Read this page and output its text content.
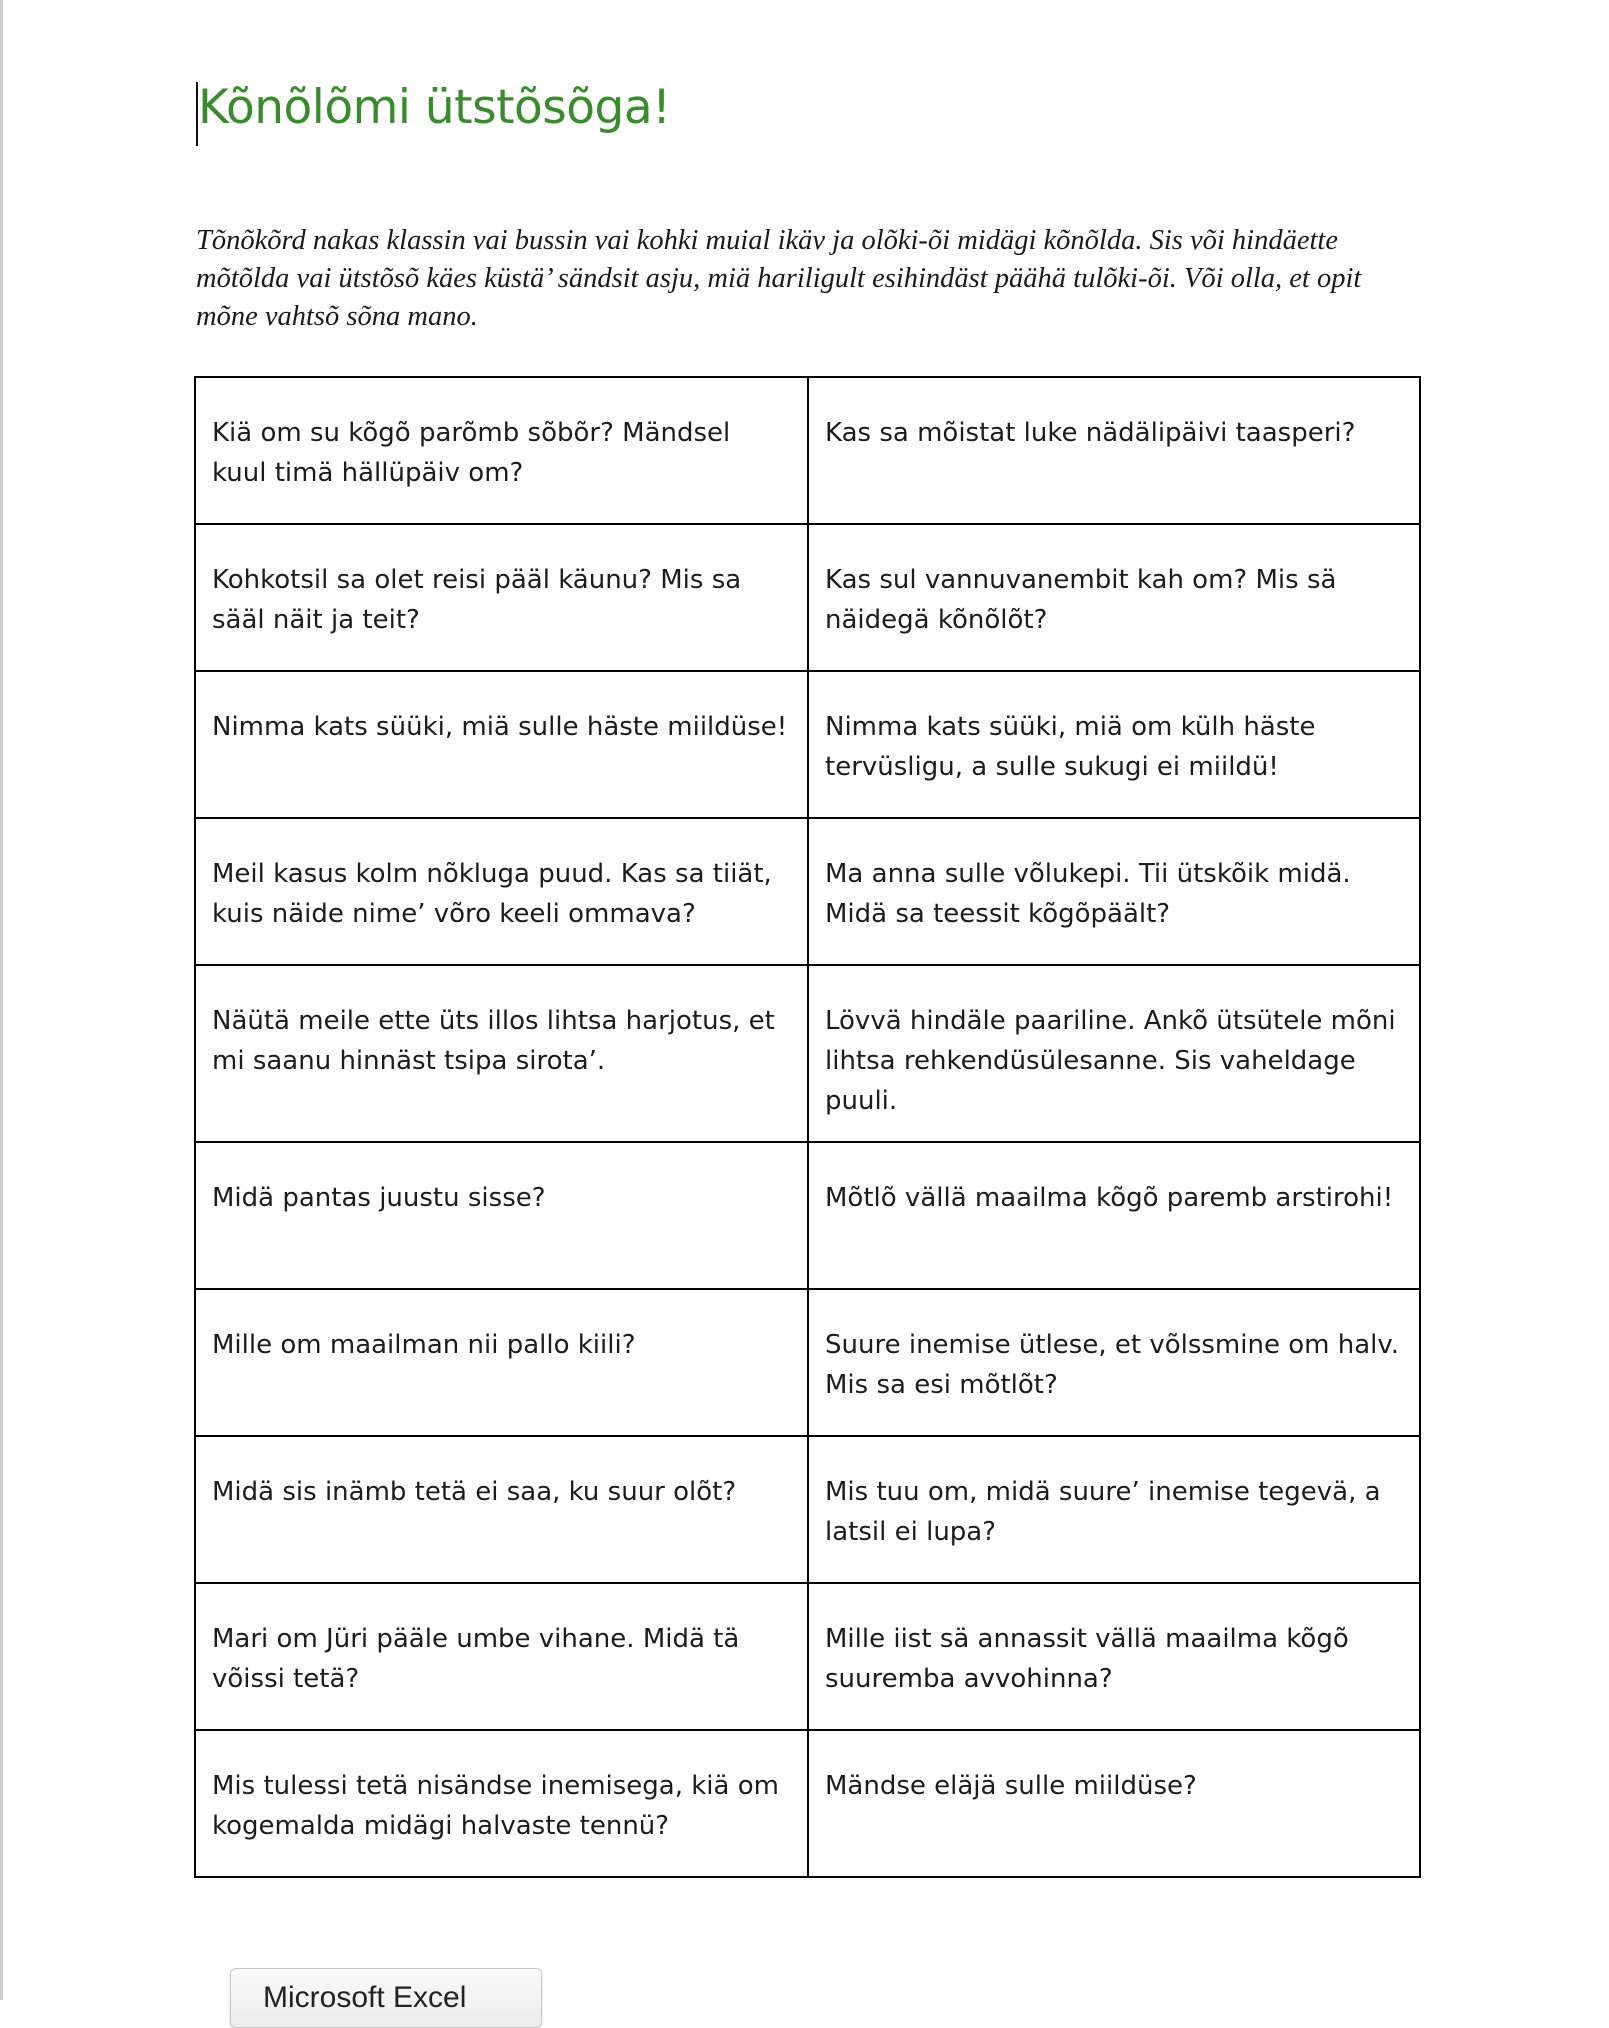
Kõnõlõmi ütstõsõga!

Tõnõkõrd nakas klassin vai bussin vai kohki muial ikäv ja olõki-õi midägi kõnõlda. Sis või hindäette mõtõlda vai ütstõsõ käes küstä’ sändsit asju, miä hariligult esihindäst päähä tulõki-õi. Või olla, et opit mõne vahtsõ sõna mano.

Kiä om su kõgõ parõmb sõbõr? Mändsel kuul timä hällüpäiv om?	Kas sa mõistat luke nädälipäivi taasperi?
Kohkotsil sa olet reisi pääl käunu? Mis sa sääl näit ja teit?	Kas sul vannuvanembit kah om? Mis sä näidegä kõnõlõt?
Nimma kats süüki, miä sulle häste miildüse!	Nimma kats süüki, miä om külh häste tervüsligu, a sulle sukugi ei miildü!
Meil kasus kolm nõkluga puud. Kas sa tiiät, kuis näide nime’ võro keeli ommava?	Ma anna sulle võlukepi. Tii ütskõik midä. Midä sa teessit kõgõpäält?
Näütä meile ette üts illos lihtsa harjotus, et mi saanu hinnäst tsipa sirota’.	Lövvä hindäle paariline. Ankõ ütsütele mõni lihtsa rehkendüsülesanne. Sis vaheldage puuli.
Midä pantas juustu sisse?	Mõtlõ vällä maailma kõgõ paremb arstirohi!
Mille om maailman nii pallo kiili?	Suure inemise ütlese, et võlssmine om halv. Mis sa esi mõtlõt?
Midä sis inämb tetä ei saa, ku suur olõt?	Mis tuu om, midä suure’ inemise tegevä, a latsil ei lupa?
Mari om Jüri pääle umbe vihane. Midä tä võissi tetä?	Mille iist sä annassit vällä maailma kõgõ suuremba avvohinna?
Mis tulessi tetä nisändse inemisega, kiä om kogemalda midägi halvaste tennü?	Mändse eläjä sulle miildüse?
Microsoft Excel
